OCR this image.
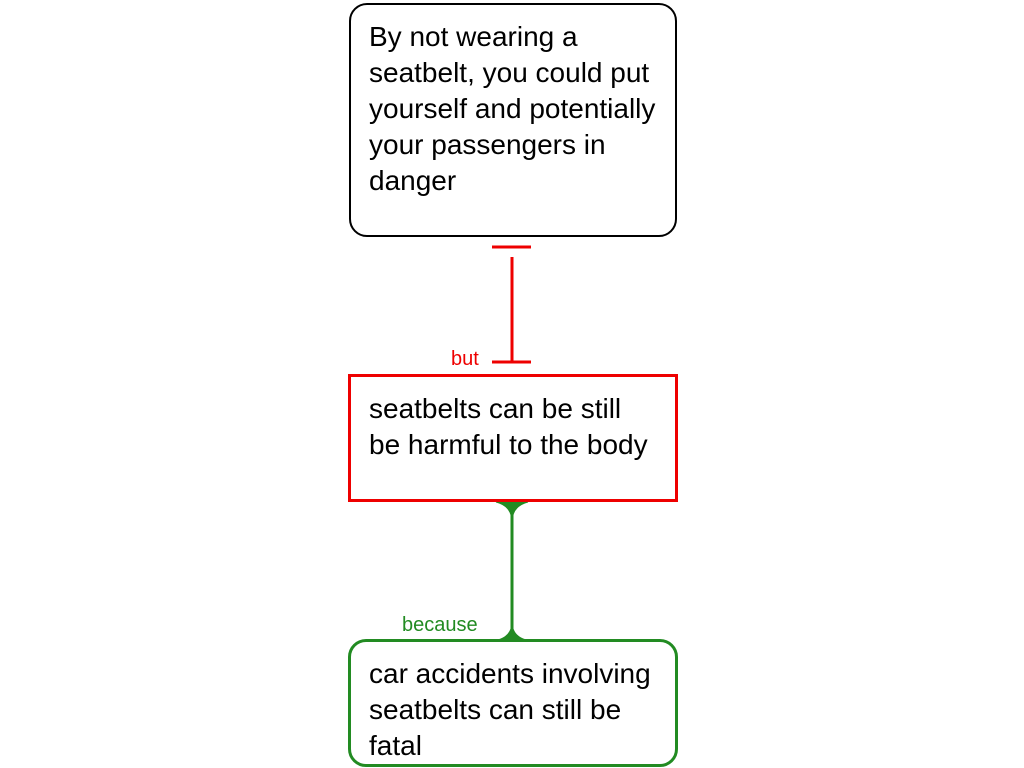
By not wearing a seatbelt, you could put yourself and potentially your passengers in danger
but
seatbelts can be still be harmful to the body
because
car accidents involving seatbelts can still be fatal
